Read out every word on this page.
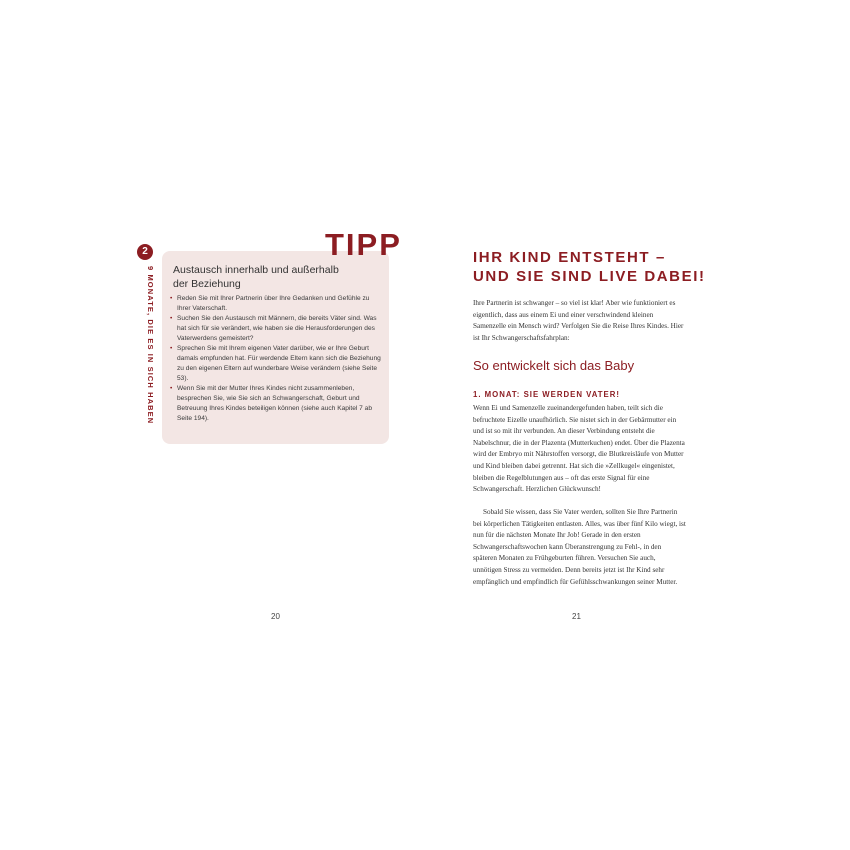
2
9 MONATE, DIE ES IN SICH HABEN
TIPP
Austausch innerhalb und außerhalb der Beziehung
• Reden Sie mit Ihrer Partnerin über Ihre Gedanken und Gefühle zu Ihrer Vaterschaft.
• Suchen Sie den Austausch mit Männern, die bereits Väter sind. Was hat sich für sie verändert, wie haben sie die Herausforderungen des Vaterwerdens gemeistert?
• Sprechen Sie mit Ihrem eigenen Vater darüber, wie er Ihre Geburt damals empfunden hat. Für werdende Eltern kann sich die Beziehung zu den eigenen Eltern auf wunderbare Weise verändern (siehe Seite 53).
• Wenn Sie mit der Mutter Ihres Kindes nicht zusammenleben, besprechen Sie, wie Sie sich an Schwangerschaft, Geburt und Betreuung Ihres Kindes beteiligen können (siehe auch Kapitel 7 ab Seite 194).
20
IHR KIND ENTSTEHT –
UND SIE SIND LIVE DABEI!

Ihre Partnerin ist schwanger – so viel ist klar! Aber wie funktioniert es eigentlich, dass aus einem Ei und einer verschwindend kleinen Samenzelle ein Mensch wird? Verfolgen Sie die Reise Ihres Kindes. Hier ist Ihr Schwangerschaftsfahrplan:

So entwickelt sich das Baby
1. MONAT: SIE WERDEN VATER!

Wenn Ei und Samenzelle zueinandergefunden haben, teilt sich die befruchtete Eizelle unaufhörlich. Sie nistet sich in der Gebärmutter ein und ist so mit ihr verbunden. An dieser Verbindung entsteht die Nabelschnur, die in der Plazenta (Mutterkuchen) endet. Über die Plazenta wird der Embryo mit Nährstoffen versorgt, die Blutkreisläufe von Mutter und Kind bleiben dabei getrennt. Hat sich die »Zellkugel« eingenistet, bleiben die Regelblutungen aus – oft das erste Signal für eine Schwangerschaft. Herzlichen Glückwunsch!

Sobald Sie wissen, dass Sie Vater werden, sollten Sie Ihre Partnerin bei körperlichen Tätigkeiten entlasten. Alles, was über fünf Kilo wiegt, ist nun für die nächsten Monate Ihr Job! Gerade in den ersten Schwangerschaftswochen kann Überanstrengung zu Fehl-, in den späteren Monaten zu Frühgeburten führen. Versuchen Sie auch, unnötigen Stress zu vermeiden. Denn bereits jetzt ist Ihr Kind sehr empfänglich und empfindlich für Gefühlsschwankungen seiner Mutter.

21
